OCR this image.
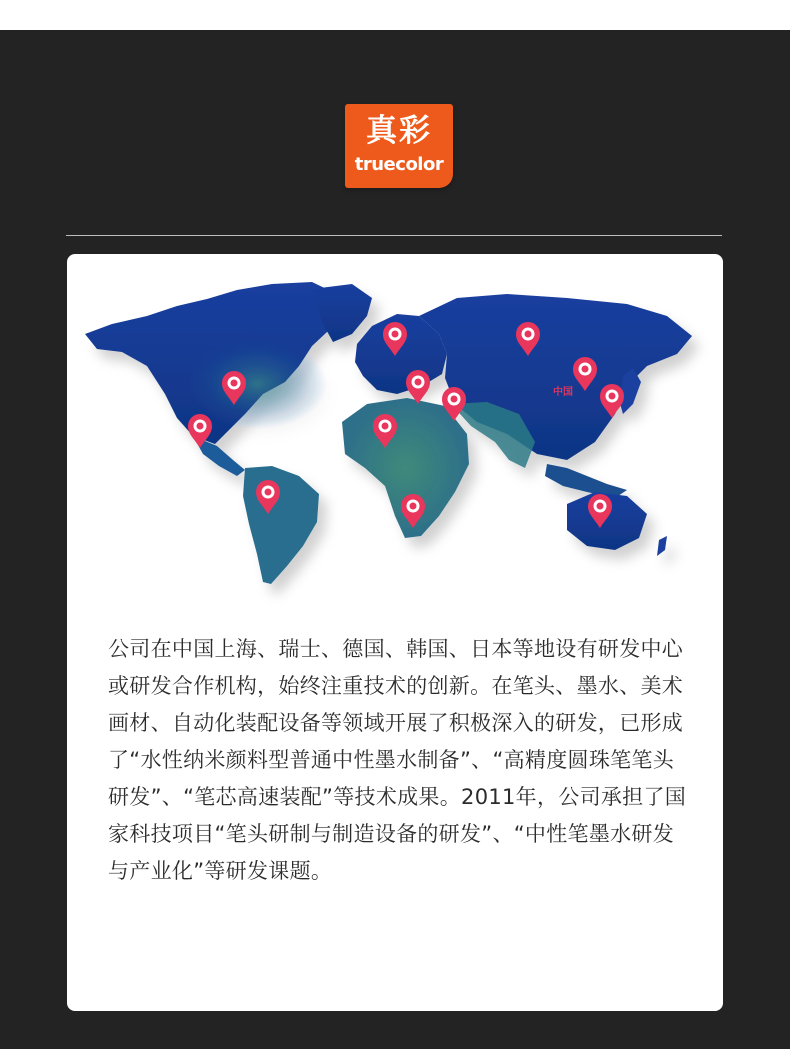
真彩
truecolor
中国

公司在中国上海、瑞士、德国、韩国、日本等地设有研发中心或研发合作机构，始终注重技术的创新。在笔头、墨水、美术画材、自动化装配设备等领域开展了积极深入的研发，已形成了“水性纳米颜料型普通中性墨水制备”、“高精度圆珠笔笔头研发”、“笔芯高速装配”等技术成果。2011年，公司承担了国家科技项目“笔头研制与制造设备的研发”、“中性笔墨水研发与产业化”等研发课题。
